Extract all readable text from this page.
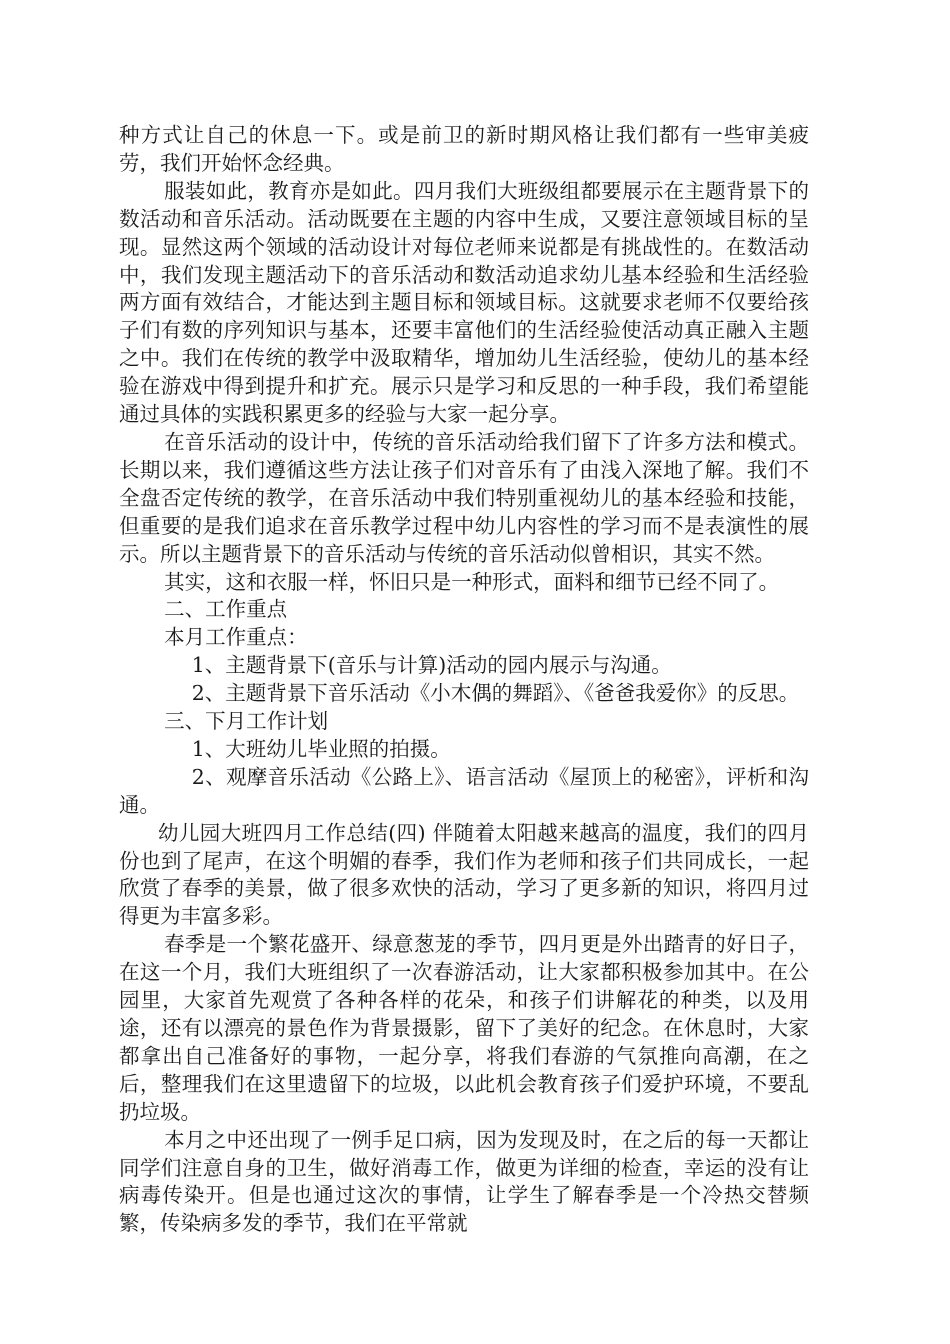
种方式让自己的休息一下。或是前卫的新时期风格让我们都有一些审美疲劳，我们开始怀念经典。

服装如此，教育亦是如此。四月我们大班级组都要展示在主题背景下的数活动和音乐活动。活动既要在主题的内容中生成，又要注意领域目标的呈现。显然这两个领域的活动设计对每位老师来说都是有挑战性的。在数活动中，我们发现主题活动下的音乐活动和数活动追求幼儿基本经验和生活经验两方面有效结合，才能达到主题目标和领域目标。这就要求老师不仅要给孩子们有数的序列知识与基本，还要丰富他们的生活经验使活动真正融入主题之中。我们在传统的教学中汲取精华，增加幼儿生活经验，使幼儿的基本经验在游戏中得到提升和扩充。展示只是学习和反思的一种手段，我们希望能通过具体的实践积累更多的经验与大家一起分享。

在音乐活动的设计中，传统的音乐活动给我们留下了许多方法和模式。长期以来，我们遵循这些方法让孩子们对音乐有了由浅入深地了解。我们不全盘否定传统的教学，在音乐活动中我们特别重视幼儿的基本经验和技能，但重要的是我们追求在音乐教学过程中幼儿内容性的学习而不是表演性的展示。所以主题背景下的音乐活动与传统的音乐活动似曾相识，其实不然。

其实，这和衣服一样，怀旧只是一种形式，面料和细节已经不同了。

二、工作重点

本月工作重点：

1、主题背景下(音乐与计算)活动的园内展示与沟通。

2、主题背景下音乐活动《小木偶的舞蹈》、《爸爸我爱你》的反思。

三、下月工作计划

1、大班幼儿毕业照的拍摄。

2、观摩音乐活动《公路上》、语言活动《屋顶上的秘密》，评析和沟通。

幼儿园大班四月工作总结(四) 伴随着太阳越来越高的温度，我们的四月份也到了尾声，在这个明媚的春季，我们作为老师和孩子们共同成长，一起欣赏了春季的美景，做了很多欢快的活动，学习了更多新的知识，将四月过得更为丰富多彩。

春季是一个繁花盛开、绿意葱茏的季节，四月更是外出踏青的好日子，在这一个月，我们大班组织了一次春游活动，让大家都积极参加其中。在公园里，大家首先观赏了各种各样的花朵，和孩子们讲解花的种类，以及用途，还有以漂亮的景色作为背景摄影，留下了美好的纪念。在休息时，大家都拿出自己准备好的事物，一起分享，将我们春游的气氛推向高潮，在之后，整理我们在这里遗留下的垃圾，以此机会教育孩子们爱护环境，不要乱扔垃圾。

本月之中还出现了一例手足口病，因为发现及时，在之后的每一天都让同学们注意自身的卫生，做好消毒工作，做更为详细的检查，幸运的没有让病毒传染开。但是也通过这次的事情，让学生了解春季是一个冷热交替频繁，传染病多发的季节，我们在平常就
